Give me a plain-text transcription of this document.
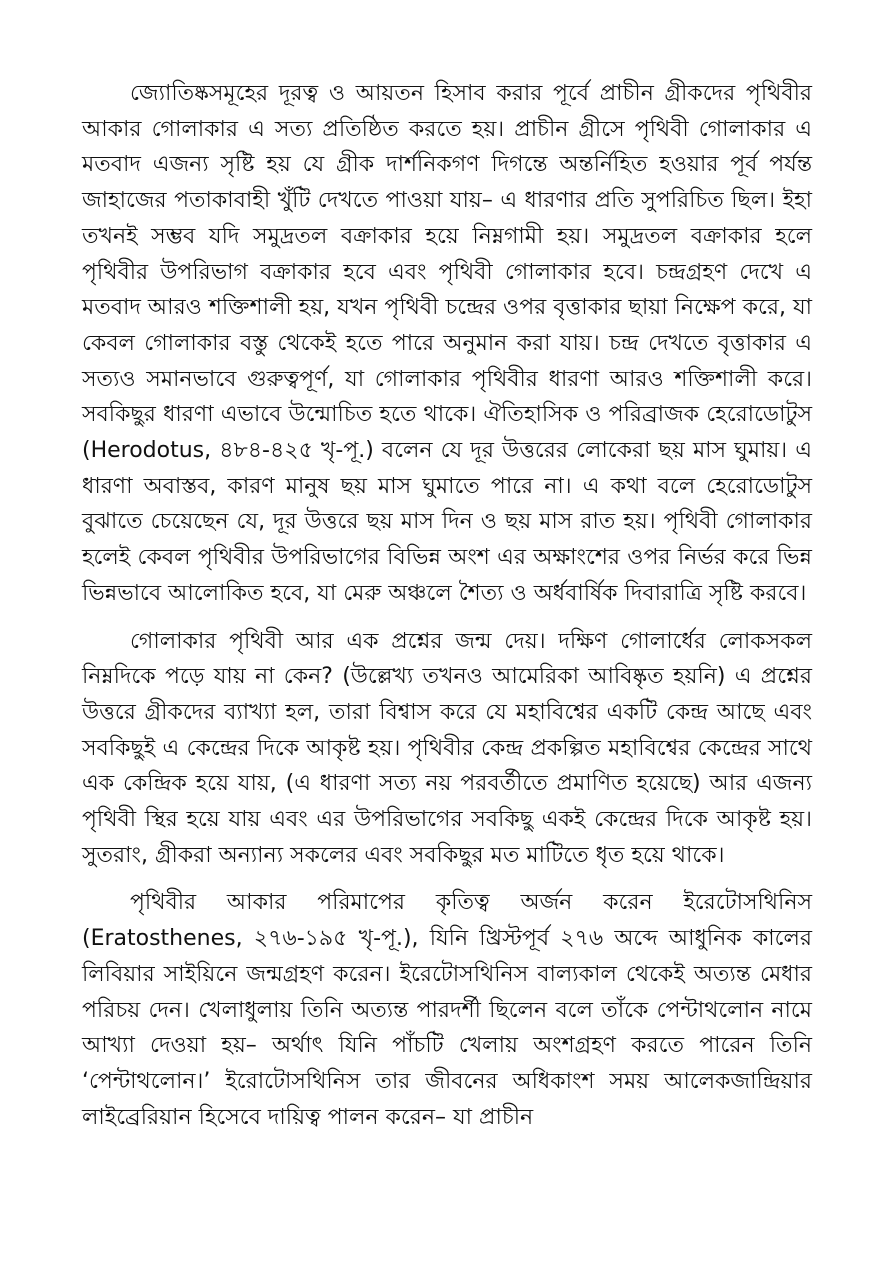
জ্যোতিষ্কসমূহের দূরত্ব ও আয়তন হিসাব করার পূর্বে প্রাচীন গ্রীকদের পৃথিবীর আকার গোলাকার এ সত্য প্রতিষ্ঠিত করতে হয়। প্রাচীন গ্রীসে পৃথিবী গোলাকার এ মতবাদ এজন্য সৃষ্টি হয় যে গ্রীক দার্শনিকগণ দিগন্তে অন্তর্নিহিত হওয়ার পূর্ব পর্যন্ত জাহাজের পতাকাবাহী খুঁটি দেখতে পাওয়া যায়– এ ধারণার প্রতি সুপরিচিত ছিল। ইহা তখনই সম্ভব যদি সমুদ্রতল বক্রাকার হয়ে নিম্নগামী হয়। সমুদ্রতল বক্রাকার হলে পৃথিবীর উপরিভাগ বক্রাকার হবে এবং পৃথিবী গোলাকার হবে। চন্দ্রগ্রহণ দেখে এ মতবাদ আরও শক্তিশালী হয়, যখন পৃথিবী চন্দ্রের ওপর বৃত্তাকার ছায়া নিক্ষেপ করে, যা কেবল গোলাকার বস্তু থেকেই হতে পারে অনুমান করা যায়। চন্দ্র দেখতে বৃত্তাকার এ সত্যও সমানভাবে গুরুত্বপূর্ণ, যা গোলাকার পৃথিবীর ধারণা আরও শক্তিশালী করে। সবকিছুর ধারণা এভাবে উন্মোচিত হতে থাকে। ঐতিহাসিক ও পরিব্রাজক হেরোডোটুস (Herodotus, ৪৮৪-৪২৫ খৃ-পূ.) বলেন যে দূর উত্তরের লোকেরা ছয় মাস ঘুমায়। এ ধারণা অবাস্তব, কারণ মানুষ ছয় মাস ঘুমাতে পারে না। এ কথা বলে হেরোডোটুস বুঝাতে চেয়েছেন যে, দূর উত্তরে ছয় মাস দিন ও ছয় মাস রাত হয়। পৃথিবী গোলাকার হলেই কেবল পৃথিবীর উপরিভাগের বিভিন্ন অংশ এর অক্ষাংশের ওপর নির্ভর করে ভিন্ন ভিন্নভাবে আলোকিত হবে, যা মেরু অঞ্চলে শৈত্য ও অর্ধবার্ষিক দিবারাত্রি সৃষ্টি করবে।

গোলাকার পৃথিবী আর এক প্রশ্নের জন্ম দেয়। দক্ষিণ গোলার্ধের লোকসকল নিম্নদিকে পড়ে যায় না কেন? (উল্লেখ্য তখনও আমেরিকা আবিষ্কৃত হয়নি) এ প্রশ্নের উত্তরে গ্রীকদের ব্যাখ্যা হল, তারা বিশ্বাস করে যে মহাবিশ্বের একটি কেন্দ্র আছে এবং সবকিছুই এ কেন্দ্রের দিকে আকৃষ্ট হয়। পৃথিবীর কেন্দ্র প্রকল্পিত মহাবিশ্বের কেন্দ্রের সাথে এক কেন্দ্রিক হয়ে যায়, (এ ধারণা সত্য নয় পরবর্তীতে প্রমাণিত হয়েছে) আর এজন্য পৃথিবী স্থির হয়ে যায় এবং এর উপরিভাগের সবকিছু একই কেন্দ্রের দিকে আকৃষ্ট হয়। সুতরাং, গ্রীকরা অন্যান্য সকলের এবং সবকিছুর মত মাটিতে ধৃত হয়ে থাকে।

পৃথিবীর আকার পরিমাপের কৃতিত্ব অর্জন করেন ইরেটোসথিনিস (Eratosthenes, ২৭৬-১৯৫ খৃ-পূ.), যিনি খ্রিস্টপূর্ব ২৭৬ অব্দে আধুনিক কালের লিবিয়ার সাইয়িনে জন্মগ্রহণ করেন। ইরেটোসথিনিস বাল্যকাল থেকেই অত্যন্ত মেধার পরিচয় দেন। খেলাধুলায় তিনি অত্যন্ত পারদর্শী ছিলেন বলে তাঁকে পেন্টাথলোন নামে আখ্যা দেওয়া হয়– অর্থাৎ যিনি পাঁচটি খেলায় অংশগ্রহণ করতে পারেন তিনি ‘পেন্টাথলোন।’ ইরোটোসথিনিস তার জীবনের অধিকাংশ সময় আলেকজান্দ্রিয়ার লাইব্রেরিয়ান হিসেবে দায়িত্ব পালন করেন– যা প্রাচীন
